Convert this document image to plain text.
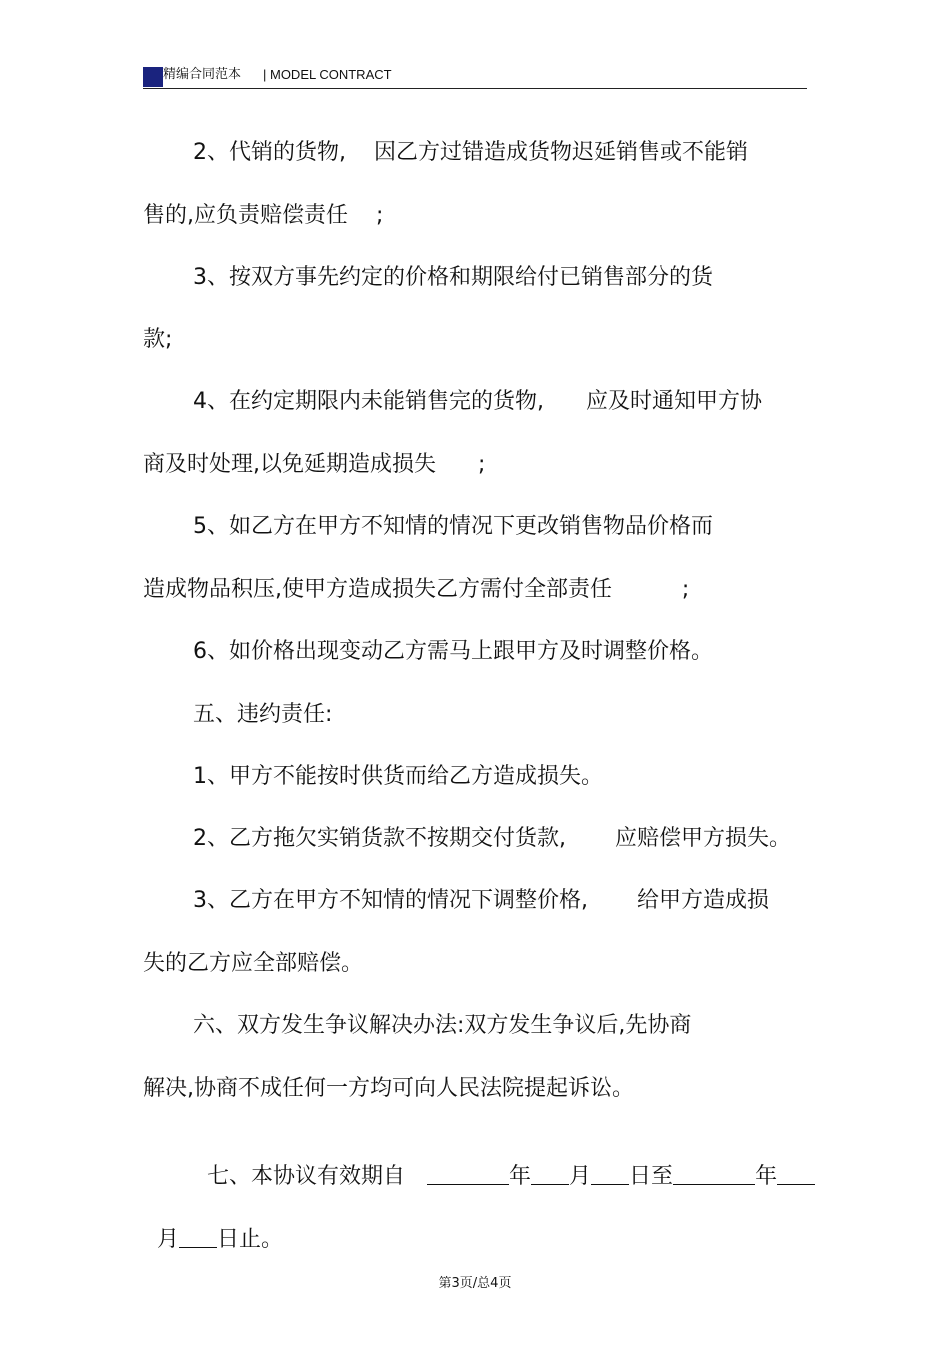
精编合同范本 | MODEL CONTRACT
2、代销的货物,    因乙方过错造成货物迟延销售或不能销
售的,应负责赔偿责任    ;
3、按双方事先约定的价格和期限给付已销售部分的货
款;
4、在约定期限内未能销售完的货物,      应及时通知甲方协
商及时处理,以免延期造成损失      ;
5、如乙方在甲方不知情的情况下更改销售物品价格而
造成物品积压,使甲方造成损失乙方需付全部责任          ;
6、如价格出现变动乙方需马上跟甲方及时调整价格。
五、违约责任:
1、甲方不能按时供货而给乙方造成损失。
2、乙方拖欠实销货款不按期交付货款,       应赔偿甲方损失。
3、乙方在甲方不知情的情况下调整价格,       给甲方造成损
失的乙方应全部赔偿。
六、双方发生争议解决办法:双方发生争议后,先协商
解决,协商不成任何一方均可向人民法院提起诉讼。

七、本协议有效期自	年 月 日至	年

月 日止。

第3页/总4页
